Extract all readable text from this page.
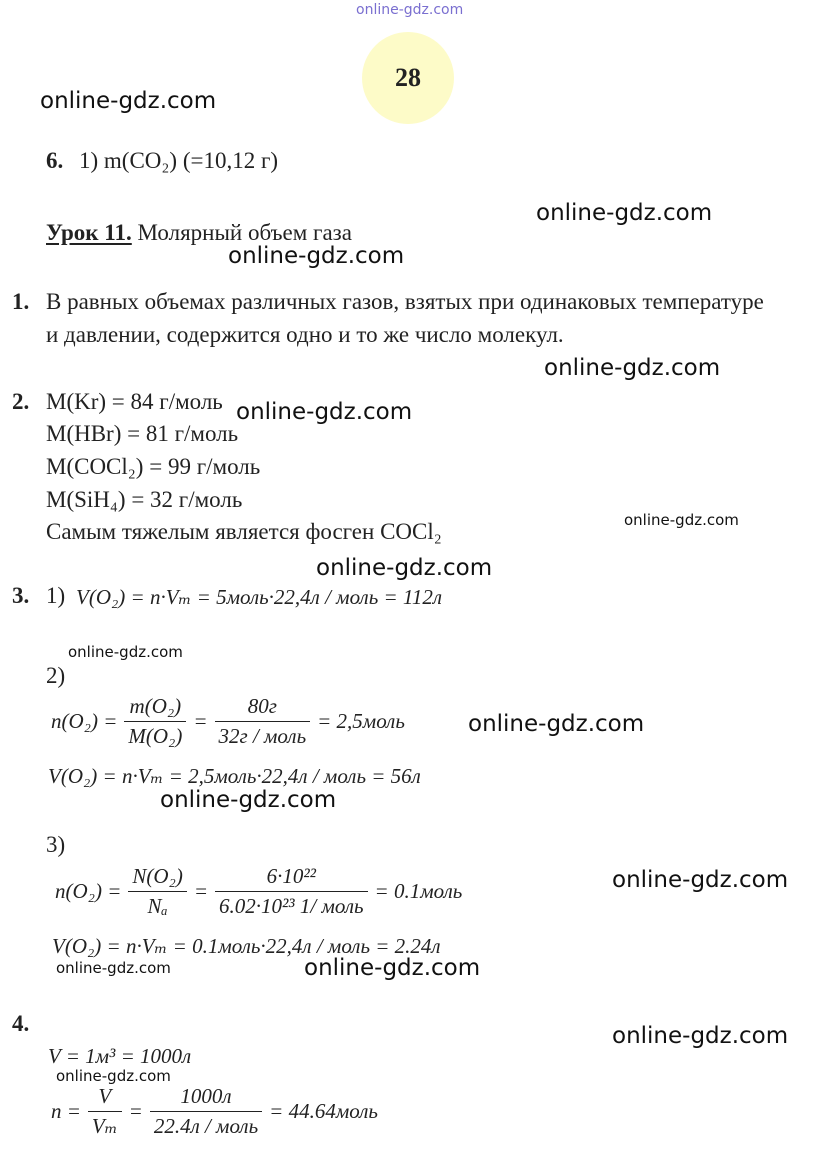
online-gdz.com
online-gdz.com
online-gdz.com
online-gdz.com
online-gdz.com
online-gdz.com
online-gdz.com
online-gdz.com
online-gdz.com
online-gdz.com
online-gdz.com
online-gdz.com
online-gdz.com	online-gdz.com
online-gdz.com
online-gdz.com
28
6. 1) m(CO₂) (=10,12 г)
Урок 11. Молярный объем газа
1. В равных объемах различных газов, взятых при одинаковых температуре
и давлении, содержится одно и то же число молекул.
2. M(Kr) = 84 г/моль
M(HBr) = 81 г/моль
M(COCl₂) = 99 г/моль
M(SiH₄) = 32 г/моль
Самым тяжелым является фосген COCl₂
3. 1) V(O₂) = n·Vₘ = 5моль·22,4л / моль = 112л
2)
$n(O_2) = \frac{\text{m(O₂)}}{\text{M(O₂)}} = \frac{80г}{\text{32г / моль}}$ = 2,5моль
V(O₂) = n·Vₘ = 2,5моль·22,4л / моль = 56л
3)
$n(O_2) = \frac{\text{N(O₂)}}{\text{Nₐ}} = \frac{\text{6·10²²}}{\text{6.02·10²³ 1/ моль}}$ = 0.1моль
V(O₂) = n·Vₘ = 0.1моль·22,4л / моль = 2.24л
4.
V = 1м³ = 1000л
$n = \frac{V}{\text{Vₘ}} = \frac{1000л}{\text{22.4л / моль}}$ = 44.64моль
